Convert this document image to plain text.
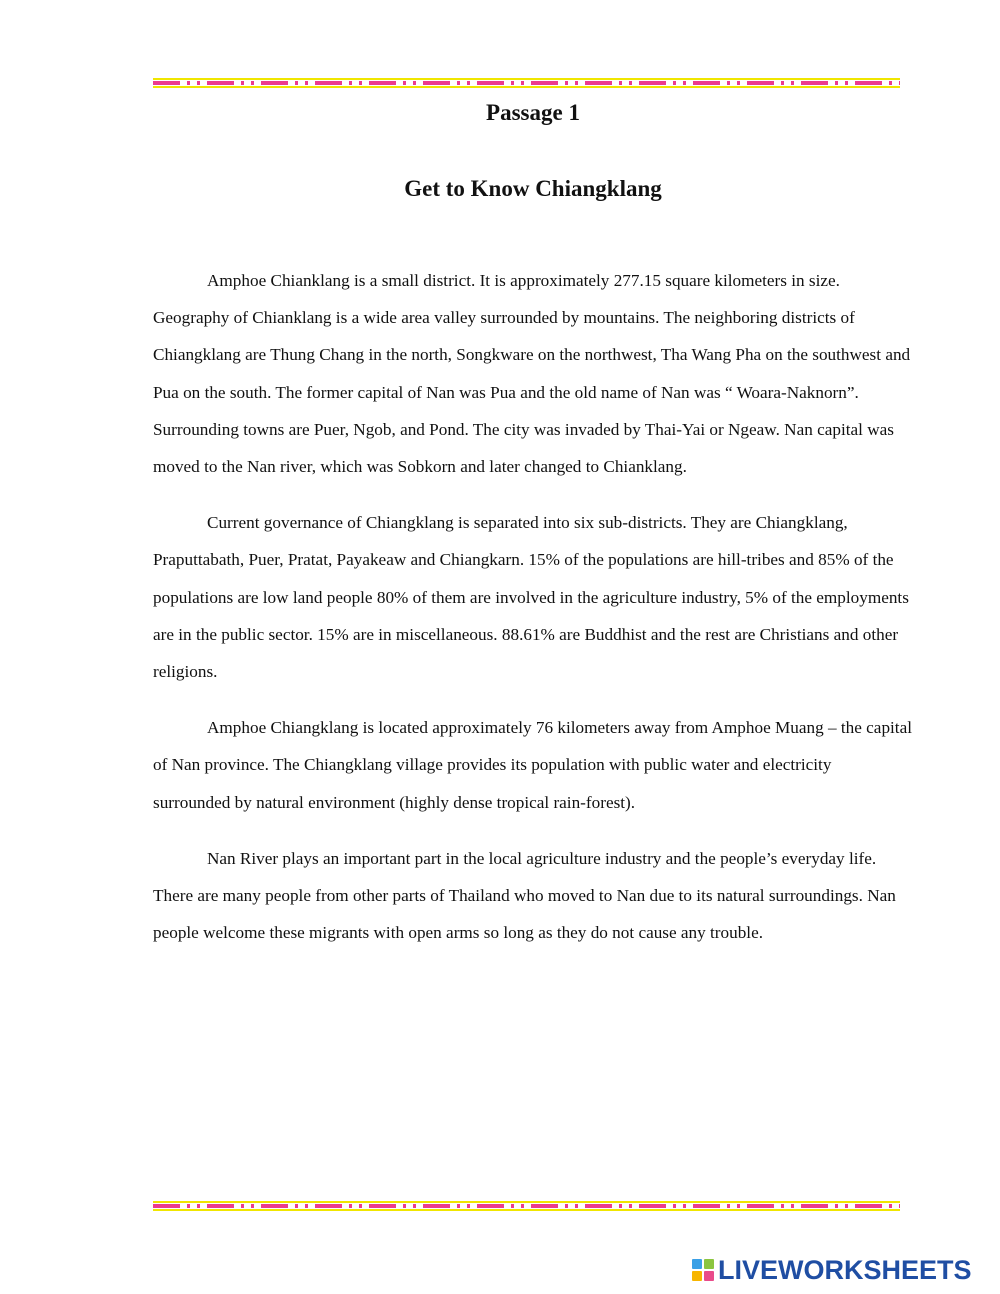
Passage 1
Get to Know Chiangklang

Amphoe Chianklang is a small district. It is approximately 277.15 square kilometers in size. Geography of Chianklang is a wide area valley surrounded by mountains. The neighboring districts of Chiangklang are Thung Chang in the north, Songkware on the northwest, Tha Wang Pha on the southwest and Pua on the south. The former capital of Nan was Pua and the old name of Nan was “ Woara-Naknorn”. Surrounding towns are Puer, Ngob, and Pond. The city was invaded by Thai-Yai or Ngeaw. Nan capital was moved to the Nan river, which was Sobkorn and later changed to Chianklang.

Current governance of Chiangklang is separated into six sub-districts. They are Chiangklang, Praputtabath, Puer, Pratat, Payakeaw and Chiangkarn. 15% of the populations are hill-tribes and 85% of the populations are low land people 80% of them are involved in the agriculture industry, 5% of the employments are in the public sector. 15% are in miscellaneous. 88.61% are Buddhist and the rest are Christians and other religions.

Amphoe Chiangklang is located approximately 76 kilometers away from Amphoe Muang – the capital of Nan province. The Chiangklang village provides its population with public water and electricity surrounded by natural environment (highly dense tropical rain-forest).

Nan River plays an important part in the local agriculture industry and the people’s everyday life. There are many people from other parts of Thailand who moved to Nan due to its natural surroundings. Nan people welcome these migrants with open arms so long as they do not cause any trouble.

LIVEWORKSHEETS
